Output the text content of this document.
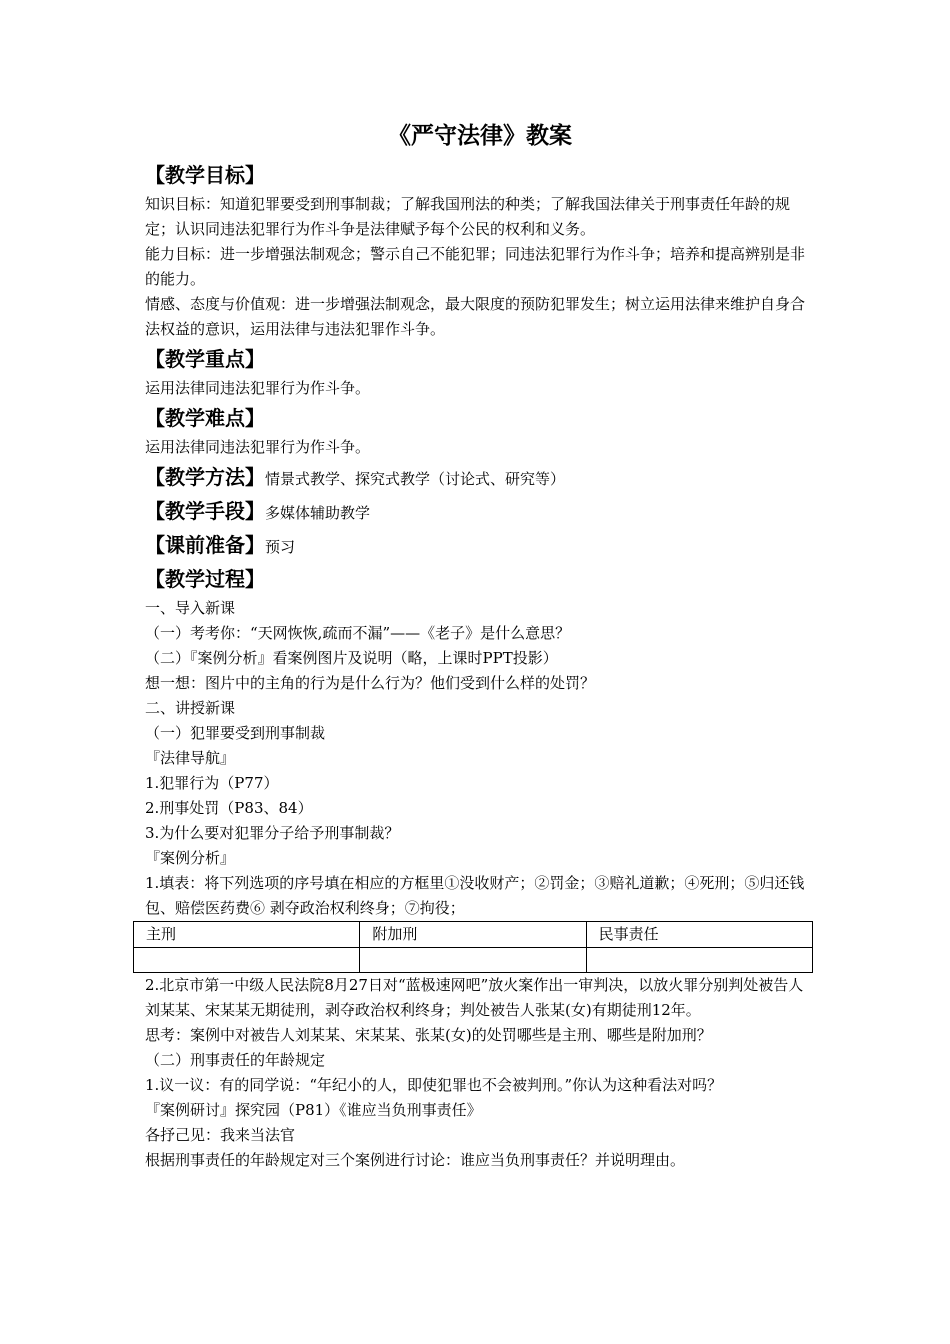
《严守法律》教案
【教学目标】

知识目标：知道犯罪要受到刑事制裁；了解我国刑法的种类；了解我国法律关于刑事责任年龄的规定；认识同违法犯罪行为作斗争是法律赋予每个公民的权利和义务。

能力目标：进一步增强法制观念；警示自己不能犯罪；同违法犯罪行为作斗争；培养和提高辨别是非的能力。

情感、态度与价值观：进一步增强法制观念，最大限度的预防犯罪发生；树立运用法律来维护自身合法权益的意识，运用法律与违法犯罪作斗争。

【教学重点】

运用法律同违法犯罪行为作斗争。

【教学难点】

运用法律同违法犯罪行为作斗争。

【教学方法】情景式教学、探究式教学（讨论式、研究等）
【教学手段】多媒体辅助教学
【课前准备】预习
【教学过程】

一、导入新课

（一）考考你：“天网恢恢,疏而不漏”——《老子》是什么意思？

（二）『案例分析』看案例图片及说明（略，上课时PPT投影）

想一想：图片中的主角的行为是什么行为？他们受到什么样的处罚？

二、讲授新课

（一）犯罪要受到刑事制裁

『法律导航』

1.犯罪行为（P77）

2.刑事处罚（P83、84）

3.为什么要对犯罪分子给予刑事制裁？

『案例分析』

1.填表：将下列选项的序号填在相应的方框里①没收财产；②罚金；③赔礼道歉；④死刑；⑤归还钱包、赔偿医药费⑥ 剥夺政治权利终身；⑦拘役；

主刑	附加刑	民事责任

2.北京市第一中级人民法院8月27日对“蓝极速网吧”放火案作出一审判决，以放火罪分别判处被告人刘某某、宋某某无期徒刑，剥夺政治权利终身；判处被告人张某(女)有期徒刑12年。

思考：案例中对被告人刘某某、宋某某、张某(女)的处罚哪些是主刑、哪些是附加刑？

（二）刑事责任的年龄规定

1.议一议：有的同学说：“年纪小的人，即使犯罪也不会被判刑。”你认为这种看法对吗？

『案例研讨』探究园（P81）《谁应当负刑事责任》

各抒己见：我来当法官

根据刑事责任的年龄规定对三个案例进行讨论：谁应当负刑事责任？并说明理由。
